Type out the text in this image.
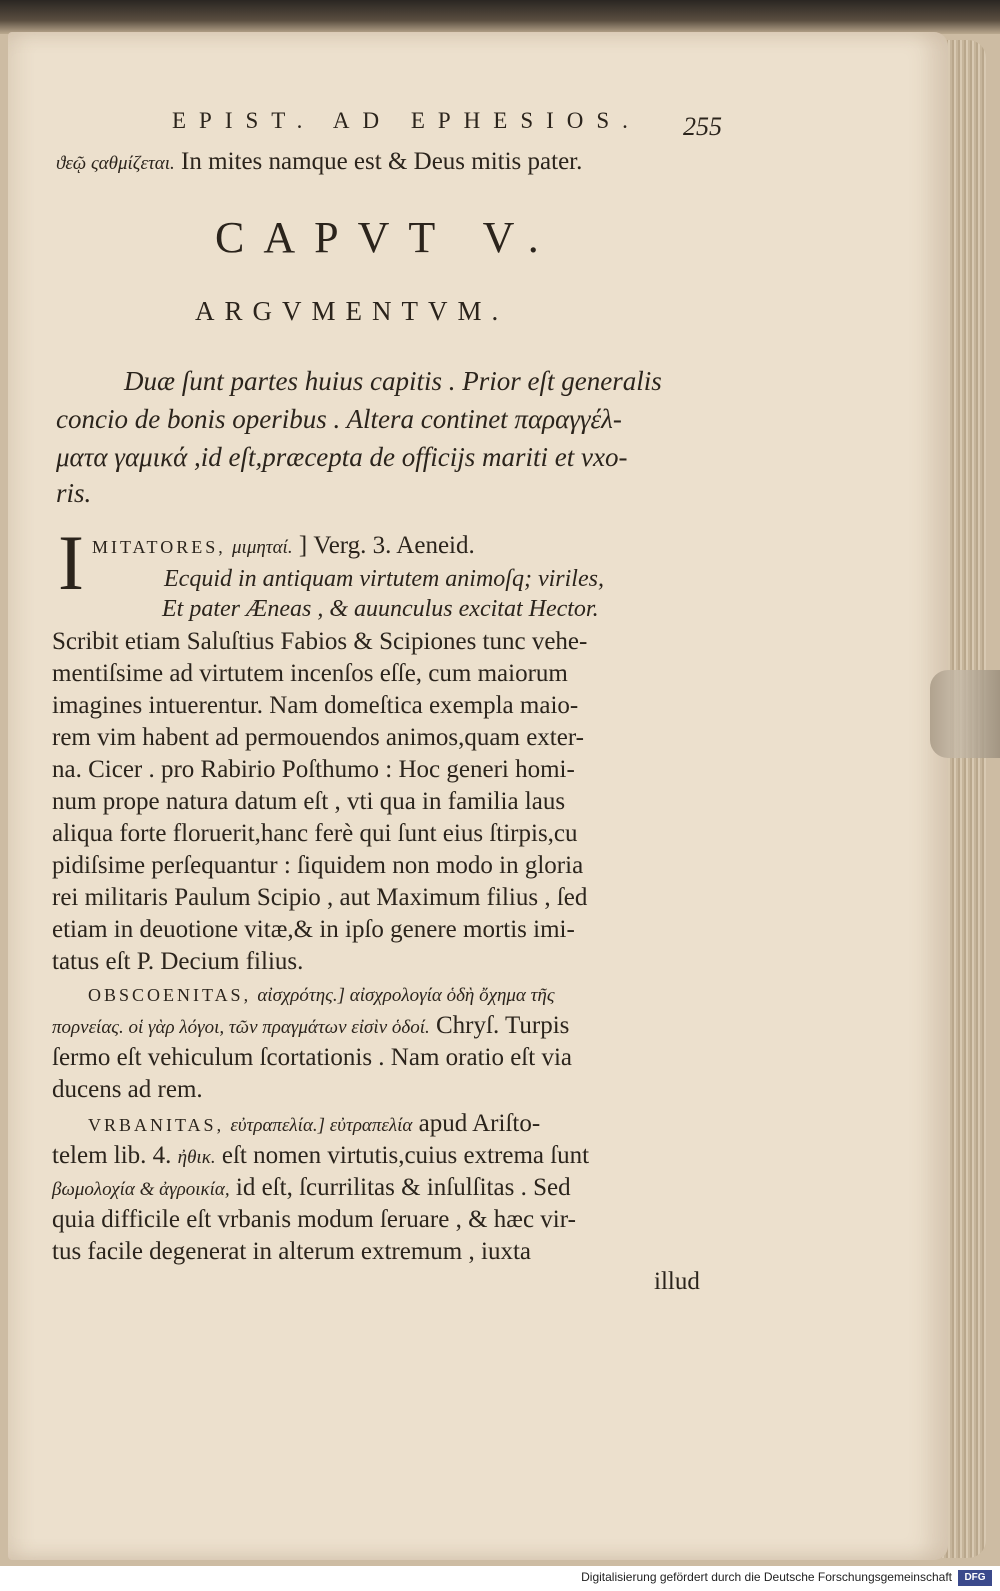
EPIST. AD EPHESIOS. 255
ϑεῷ ςαθμίζεται. In mites namque est & Deus mitis pater.
CAPVT V.
ARGVMENTVM.
Duæ ſunt partes huius capitis . Prior eſt generalis
concio de bonis operibus . Altera continet παραγγέλ-
ματα γαμικά ,id eſt,præcepta de officijs mariti et vxo-
ris.
I MITATORES, μιμηταί. ] Verg. 3. Aeneid.
Ecquid in antiquam virtutem animoſq; viriles,
Et pater Æneas , & auunculus excitat Hector.
Scribit etiam Saluſtius Fabios & Scipiones tunc vehe-
mentiſsime ad virtutem incenſos eſſe, cum maiorum
imagines intuerentur. Nam domeſtica exempla maio-
rem vim habent ad permouendos animos,quam exter-
na. Cicer . pro Rabirio Poſthumo : Hoc generi homi-
num prope natura datum eſt , vti qua in familia laus
aliqua forte floruerit,hanc ferè qui ſunt eius ſtirpis,cu
pidiſsime perſequantur : ſiquidem non modo in gloria
rei militaris Paulum Scipio , aut Maximum filius , ſed
etiam in deuotione vitæ,& in ipſo genere mortis imi-
tatus eſt P. Decium filius.
OBSCOENITAS, αἰσχρότης.] αἰσχρολογία ὁδὴ ὄχημα τῆς
πορνείας. οἱ γὰρ λόγοι, τῶν πραγμάτων εἰσὶν ὁδοί. Chryſ. Turpis
ſermo eſt vehiculum ſcortationis . Nam oratio eſt via
ducens ad rem.
VRBANITAS, εὐτραπελία.] εὐτραπελία apud Ariſto-
telem lib. 4. ἠθικ. eſt nomen virtutis,cuius extrema ſunt
βωμολοχία & ἀγροικία, id eſt, ſcurrilitas & inſulſitas . Sed
quia difficile eſt vrbanis modum ſeruare , & hæc vir-
tus facile degenerat in alterum extremum , iuxta
illud
Digitalisierung gefördert durch die Deutsche Forschungsgemeinschaft	DFG
